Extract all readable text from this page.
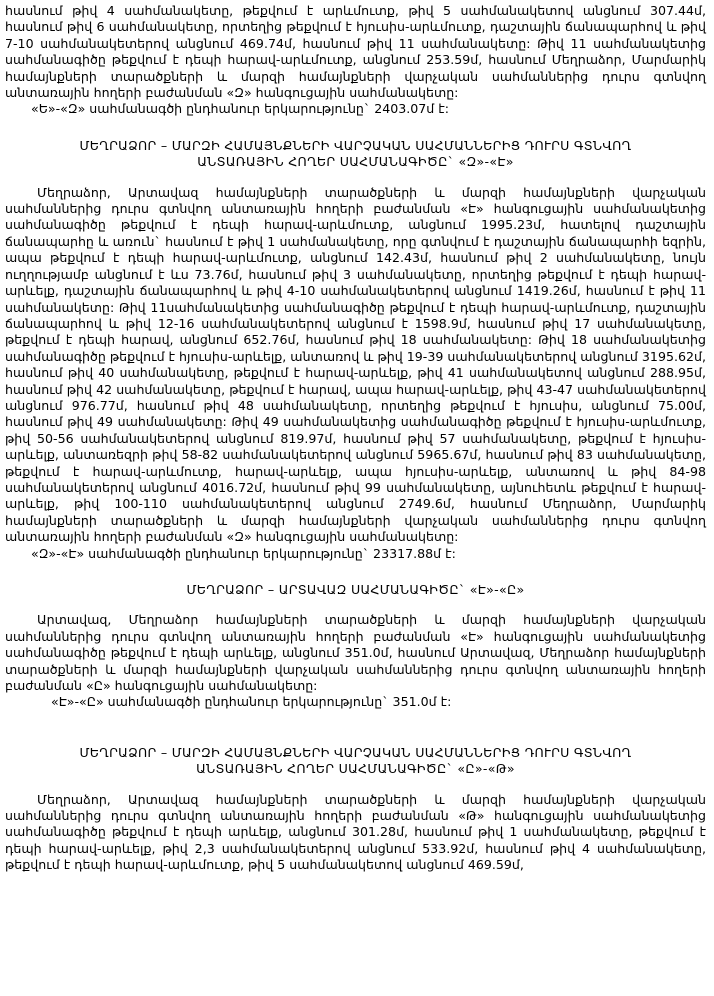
հասնում թիվ 4 սահմանակետը, թեքվում է արևմուտք, թիվ 5 սահմանակետով անցնում 307.44մ, հասնում թիվ 6 սահմանակետը, որտեղից թեքվում է հյուսիս-արևմուտք, դաշտային ճանապարհով և թիվ 7-10 սահմանակետերով անցնում 469.74մ, հասնում թիվ 11 սահմանակետը: Թիվ 11 սահմանակետից սահմանագիծը թեքվում է դեպի հարավ-արևմուտք, անցնում 253.59մ, հասնում Մեղրաձոր, Մարմարիկ համայնքների տարածքների և մարզի համայնքների վարչական սահմաններից դուրս գտնվող անտառային հողերի բաժանման «Զ» հանգուցային սահմանակետը:

«Ե»-«Զ» սահմանագծի ընդհանուր երկարությունը` 2403.07մ է:

ՄԵՂՐԱՁՈՐ – ՄԱՐԶԻ ՀԱՄԱՅՆՔՆԵՐԻ ՎԱՐՉԱԿԱՆ ՍԱՀՄԱՆՆԵՐԻՑ ԴՈՒՐՍ ԳՏՆՎՈՂ

ԱՆՏԱՌԱՅԻՆ ՀՈՂԵՐ ՍԱՀՄԱՆԱԳԻԾԸ` «Զ»-«Է»

Մեղրաձոր, Արտավազ համայնքների տարածքների և մարզի համայնքների վարչական սահմաններից դուրս գտնվող անտառային հողերի բաժանման «Է» հանգուցային սահմանակետից սահմանագիծը թեքվում է դեպի հարավ-արևմուտք, անցնում 1995.23մ, հատելով դաշտային ճանապարհը և առուն` հասնում է թիվ 1 սահմանակետը, որը գտնվում է դաշտային ճանապարհի եզրին, ապա թեքվում է դեպի հարավ-արևմուտք, անցնում 142.43մ, հասնում թիվ 2 սահմանակետը, նույն ուղղությամբ անցնում է ևս 73.76մ, հասնում թիվ 3 սահմանակետը, որտեղից թեքվում է դեպի հարավ-արևելք, դաշտային ճանապարհով և թիվ 4-10 սահմանակետերով անցնում 1419.26մ, հասնում է թիվ 11 սահմանակետը: Թիվ 11սահմանակետից սահմանագիծը թեքվում է դեպի հարավ-արևմուտք, դաշտային ճանապարհով և թիվ 12-16 սահմանակետերով անցնում է 1598.9մ, հասնում թիվ 17 սահմանակետը, թեքվում է դեպի հարավ, անցնում 652.76մ, հասնում թիվ 18 սահմանակետը: Թիվ 18 սահմանակետից սահմանագիծը թեքվում է հյուսիս-արևելք, անտառով և թիվ 19-39 սահմանակետերով անցնում 3195.62մ, հասնում թիվ 40 սահմանակետը, թեքվում է հարավ-արևելք, թիվ 41 սահմանակետով անցնում 288.95մ, հասնում թիվ 42 սահմանակետը, թեքվում է հարավ, ապա հարավ-արևելք, թիվ 43-47 սահմանակետերով անցնում 976.77մ, հասնում թիվ 48 սահմանակետը, որտեղից թեքվում է հյուսիս, անցնում 75.00մ, հասնում թիվ 49 սահմանակետը: Թիվ 49 սահմանակետից սահմանագիծը թեքվում է հյուսիս-արևմուտք, թիվ 50-56 սահմանակետերով անցնում 819.97մ, հասնում թիվ 57 սահմանակետը, թեքվում է հյուսիս-արևելք, անտառեզրի թիվ 58-82 սահմանակետերով անցնում 5965.67մ, հասնում թիվ 83 սահմանակետը, թեքվում է հարավ-արևմուտք, հարավ-արևելք, ապա հյուսիս-արևելք, անտառով և թիվ 84-98 սահմանակետերով անցնում 4016.72մ, հասնում թիվ 99 սահմանակետը, այնուհետև թեքվում է հարավ-արևելք, թիվ 100-110 սահմանակետերով անցնում 2749.6մ, հասնում Մեղրաձոր, Մարմարիկ համայնքների տարածքների և մարզի համայնքների վարչական սահմաններից դուրս գտնվող անտառային հողերի բաժանման «Զ» հանգուցային սահմանակետը:

«Զ»-«Է» սահմանագծի ընդհանուր երկարությունը` 23317.88մ է:

ՄԵՂՐԱՁՈՐ – ԱՐՏԱՎԱԶ ՍԱՀՄԱՆԱԳԻԾԸ` «Է»-«Ը»

Արտավազ, Մեղրաձոր համայնքների տարածքների և մարզի համայնքների վարչական սահմաններից դուրս գտնվող անտառային հողերի բաժանման «Է» հանգուցային սահմանակետից սահմանագիծը թեքվում է դեպի արևելք, անցնում 351.0մ, հասնում Արտավազ, Մեղրաձոր համայնքների տարածքների և մարզի համայնքների վարչական սահմաններից դուրս գտնվող անտառային հողերի բաժանման «Ը» հանգուցային սահմանակետը:

«Է»-«Ը» սահմանագծի ընդհանուր երկարությունը` 351.0մ է:

ՄԵՂՐԱՁՈՐ – ՄԱՐԶԻ ՀԱՄԱՅՆՔՆԵՐԻ ՎԱՐՉԱԿԱՆ ՍԱՀՄԱՆՆԵՐԻՑ ԴՈՒՐՍ ԳՏՆՎՈՂ

ԱՆՏԱՌԱՅԻՆ ՀՈՂԵՐ ՍԱՀՄԱՆԱԳԻԾԸ` «Ը»-«Թ»

Մեղրաձոր, Արտավազ համայնքների տարածքների և մարզի համայնքների վարչական սահմաններից դուրս գտնվող անտառային հողերի բաժանման «Թ» հանգուցային սահմանակետից սահմանագիծը թեքվում է դեպի արևելք, անցնում 301.28մ, հասնում թիվ 1 սահմանակետը, թեքվում է դեպի հարավ-արևելք, թիվ 2,3 սահմանակետերով անցնում 533.92մ, հասնում թիվ 4 սահմանակետը, թեքվում է դեպի հարավ-արևմուտք, թիվ 5 սահմանակետով անցնում 469.59մ,
